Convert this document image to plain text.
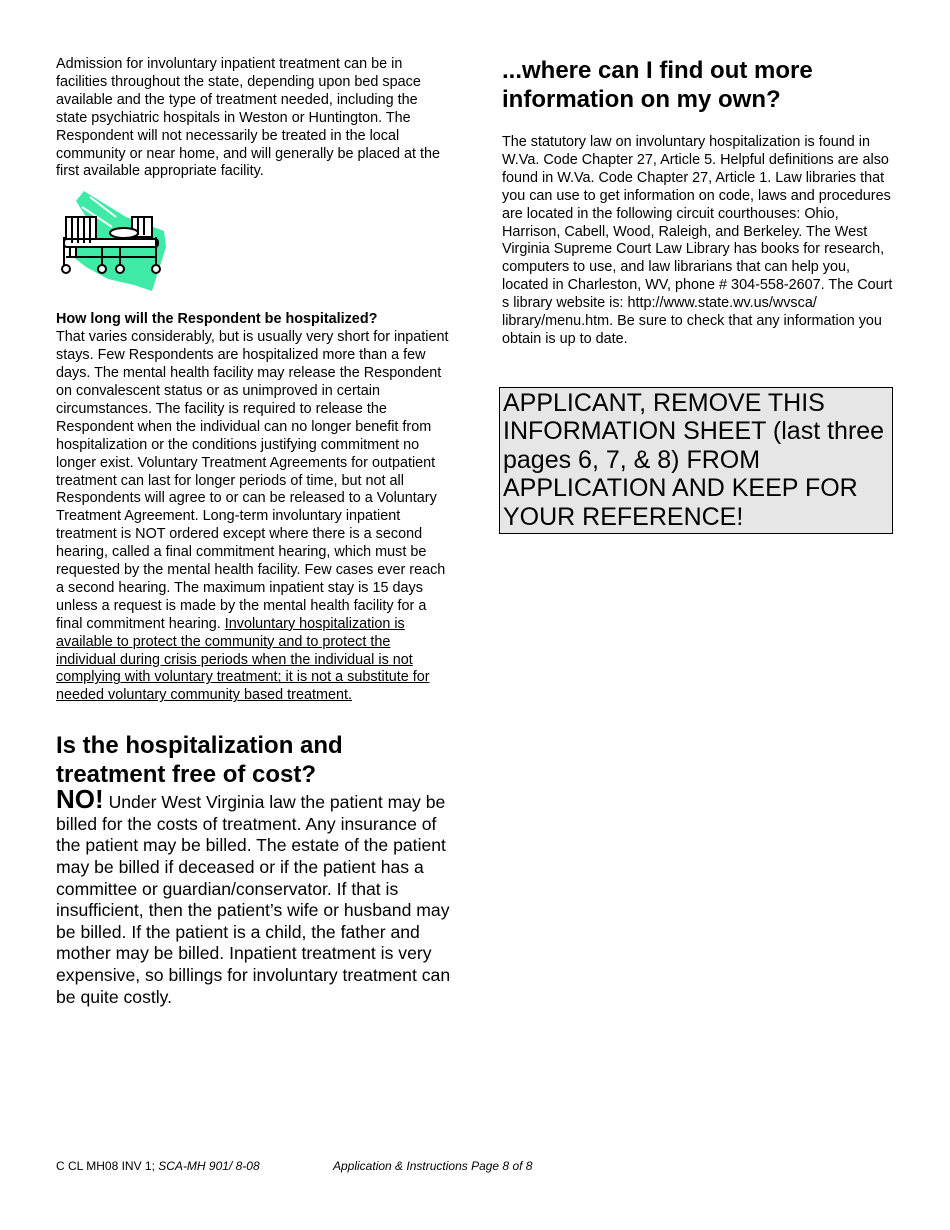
Admission for involuntary inpatient treatment can be in facilities throughout the state, depending upon bed space available and the type of treatment needed, including the state psychiatric hospitals in Weston or Huntington. The Respondent will not necessarily be treated in the local community or near home, and will generally be placed at the first available appropriate facility.

How long will the Respondent be hospitalized?
That varies considerably, but is usually very short for inpatient stays. Few Respondents are hospitalized more than a few days. The mental health facility may release the Respondent on convalescent status or as unimproved in certain circumstances. The facility is required to release the Respondent when the individual can no longer benefit from hospitalization or the conditions justifying commitment no longer exist. Voluntary Treatment Agreements for outpatient treatment can last for longer periods of time, but not all Respondents will agree to or can be released to a Voluntary Treatment Agreement. Long-term involuntary inpatient treatment is NOT ordered except where there is a second hearing, called a final commitment hearing, which must be requested by the mental health facility. Few cases ever reach a second hearing. The maximum inpatient stay is 15 days unless a request is made by the mental health facility for a final commitment hearing. Involuntary hospitalization is available to protect the community and to protect the individual during crisis periods when the individual is not complying with voluntary treatment; it is not a substitute for needed voluntary community based treatment.

Is the hospitalization and treatment free of cost?

NO! Under West Virginia law the patient may be billed for the costs of treatment. Any insurance of the patient may be billed. The estate of the patient may be billed if deceased or if the patient has a committee or guardian/conservator. If that is insufficient, then the patient’s wife or husband may be billed. If the patient is a child, the father and mother may be billed. Inpatient treatment is very expensive, so billings for involuntary treatment can be quite costly.

...where can I find out more information on my own?

The statutory law on involuntary hospitalization is found in W.Va. Code Chapter 27, Article 5. Helpful definitions are also found in W.Va. Code Chapter 27, Article 1. Law libraries that you can use to get information on code, laws and procedures are located in the following circuit courthouses: Ohio, Harrison, Cabell, Wood, Raleigh, and Berkeley. The West Virginia Supreme Court Law Library has books for research, computers to use, and law librarians that can help you, located in Charleston, WV, phone # 304-558-2607. The Court s library website is: http://www.state.wv.us/wvsca/ library/menu.htm. Be sure to check that any information you obtain is up to date.

APPLICANT, REMOVE THIS INFORMATION SHEET (last three pages 6, 7, & 8) FROM APPLICATION AND KEEP FOR YOUR REFERENCE!
C CL MH08 INV 1; SCA-MH 901/ 8-08	Application & Instructions Page 8 of 8
